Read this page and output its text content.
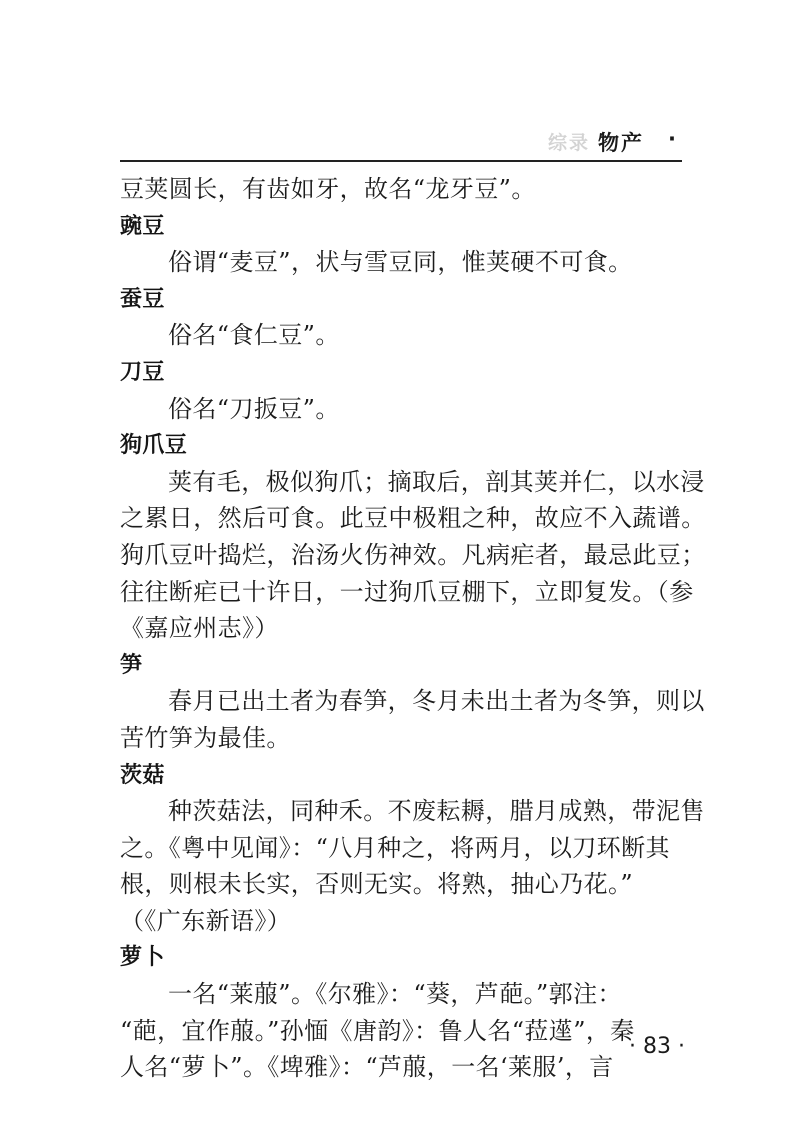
综录 物产 ·
豆荚圆长，有齿如牙，故名“龙牙豆”。
豌豆
俗谓“麦豆”，状与雪豆同，惟荚硬不可食。
蚕豆
俗名“食仁豆”。
刀豆
俗名“刀扳豆”。
狗爪豆
荚有毛，极似狗爪；摘取后，剖其荚并仁，以水浸
之累日，然后可食。此豆中极粗之种，故应不入蔬谱。
狗爪豆叶捣烂，治汤火伤神效。凡病疟者，最忌此豆；
往往断疟已十许日，一过狗爪豆棚下，立即复发。（参
《嘉应州志》）
笋
春月已出土者为春笋，冬月未出土者为冬笋，则以
苦竹笋为最佳。
茨菇
种茨菇法，同种禾。不废耘耨，腊月成熟，带泥售
之。《粤中见闻》：“八月种之，将两月，以刀环断其
根，则根未长实，否则无实。将熟，抽心乃花。”
（《广东新语》）
萝卜
一名“莱菔”。《尔雅》：“葵，芦葩。”郭注：
“葩，宜作菔。”孙愐《唐韵》：鲁人名“菈遳”，秦
人名“萝卜”。《埤雅》：“芦菔，一名‘莱服’，言
· 83 ·
